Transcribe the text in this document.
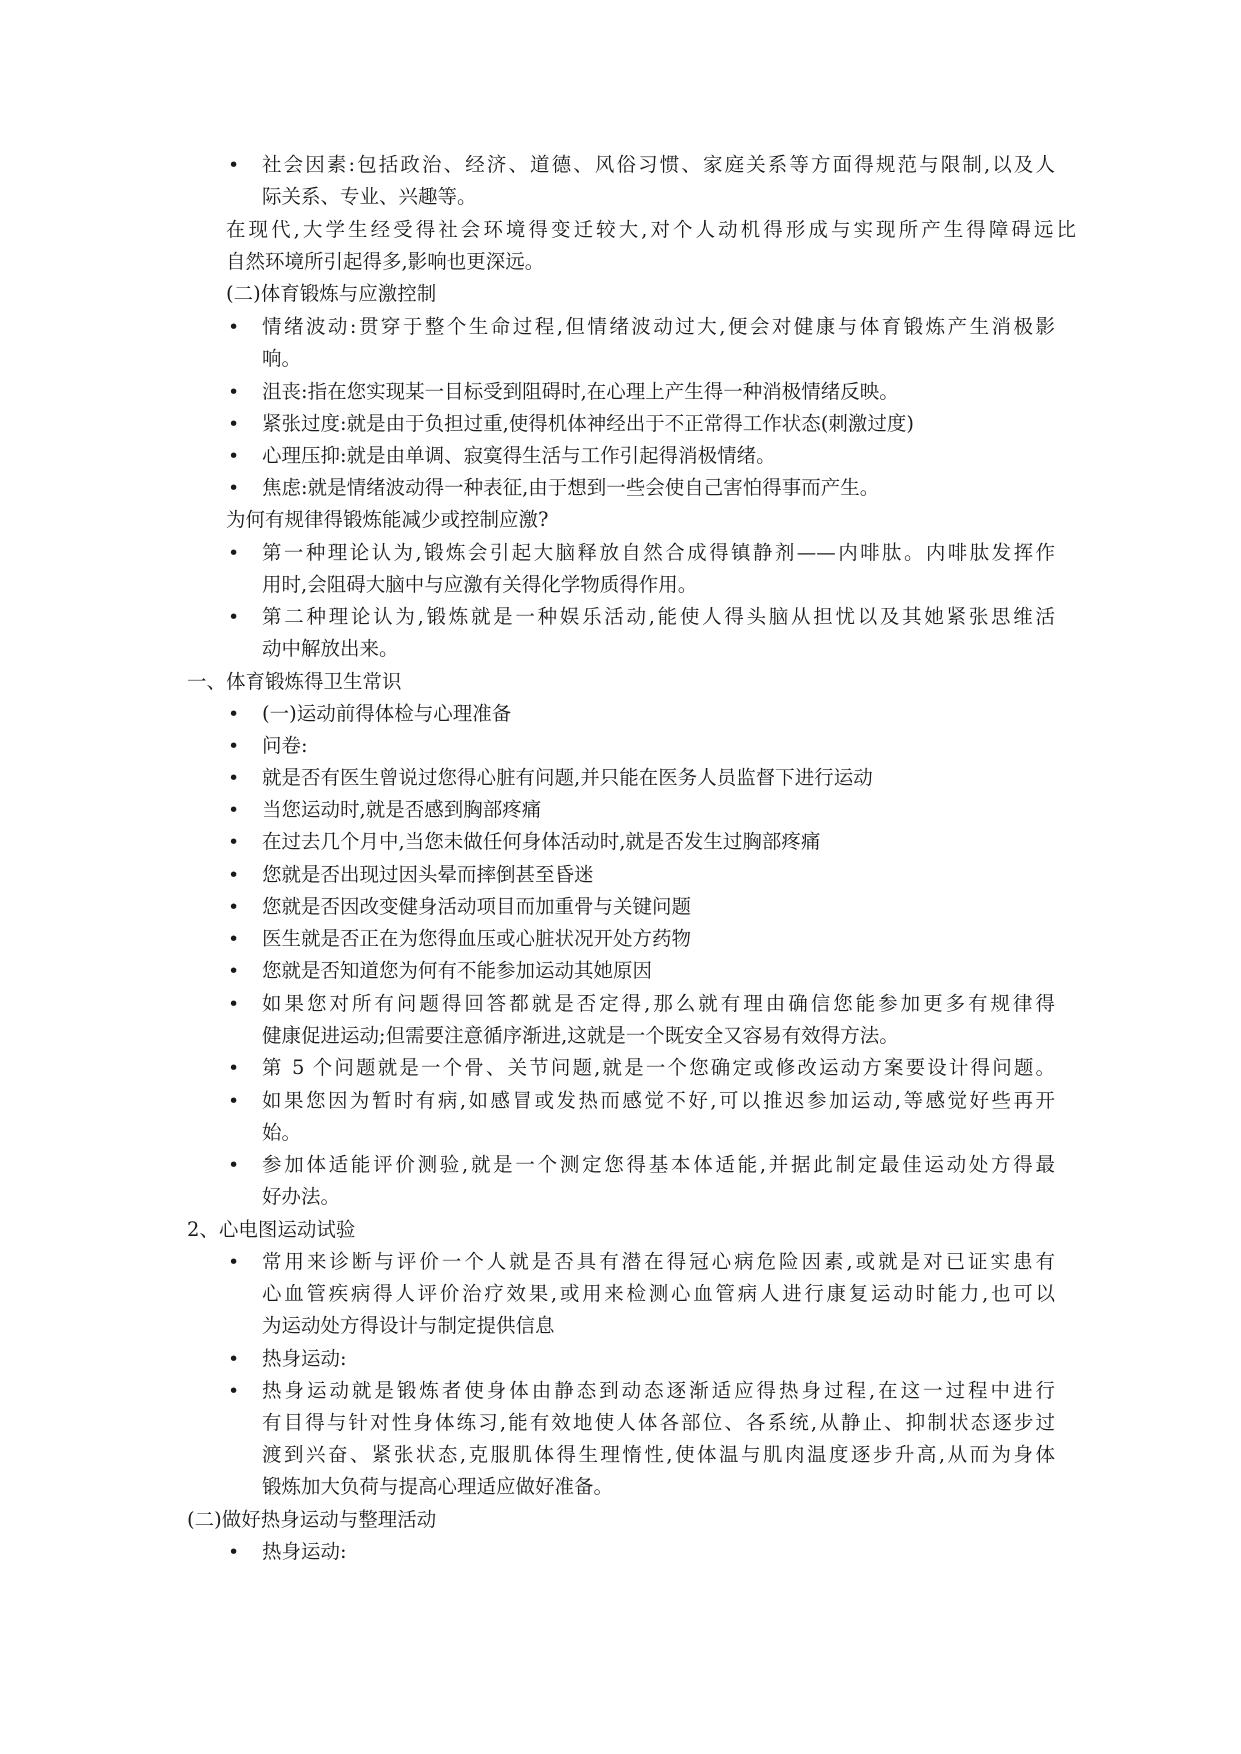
• 社会因素:包括政治、经济、道德、风俗习惯、家庭关系等方面得规范与限制,以及人
际关系、专业、兴趣等。
在现代,大学生经受得社会环境得变迁较大,对个人动机得形成与实现所产生得障碍远比
自然环境所引起得多,影响也更深远。
(二)体育锻炼与应激控制
• 情绪波动:贯穿于整个生命过程,但情绪波动过大,便会对健康与体育锻炼产生消极影
响。
• 沮丧:指在您实现某一目标受到阻碍时,在心理上产生得一种消极情绪反映。
• 紧张过度:就是由于负担过重,使得机体神经出于不正常得工作状态(刺激过度)
• 心理压抑:就是由单调、寂寞得生活与工作引起得消极情绪。
• 焦虑:就是情绪波动得一种表征,由于想到一些会使自己害怕得事而产生。
为何有规律得锻炼能减少或控制应激?
• 第一种理论认为,锻炼会引起大脑释放自然合成得镇静剂——内啡肽。内啡肽发挥作
用时,会阻碍大脑中与应激有关得化学物质得作用。
• 第二种理论认为,锻炼就是一种娱乐活动,能使人得头脑从担忧以及其她紧张思维活
动中解放出来。
一、体育锻炼得卫生常识
• (一)运动前得体检与心理准备
• 问卷:
• 就是否有医生曾说过您得心脏有问题,并只能在医务人员监督下进行运动
• 当您运动时,就是否感到胸部疼痛
• 在过去几个月中,当您未做任何身体活动时,就是否发生过胸部疼痛
• 您就是否出现过因头晕而摔倒甚至昏迷
• 您就是否因改变健身活动项目而加重骨与关键问题
• 医生就是否正在为您得血压或心脏状况开处方药物
• 您就是否知道您为何有不能参加运动其她原因
• 如果您对所有问题得回答都就是否定得,那么就有理由确信您能参加更多有规律得
健康促进运动;但需要注意循序渐进,这就是一个既安全又容易有效得方法。
• 第 5 个问题就是一个骨、关节问题,就是一个您确定或修改运动方案要设计得问题。
• 如果您因为暂时有病,如感冒或发热而感觉不好,可以推迟参加运动,等感觉好些再开
始。
• 参加体适能评价测验,就是一个测定您得基本体适能,并据此制定最佳运动处方得最
好办法。
2、心电图运动试验
• 常用来诊断与评价一个人就是否具有潜在得冠心病危险因素,或就是对已证实患有
心血管疾病得人评价治疗效果,或用来检测心血管病人进行康复运动时能力,也可以
为运动处方得设计与制定提供信息
• 热身运动:
• 热身运动就是锻炼者使身体由静态到动态逐渐适应得热身过程,在这一过程中进行
有目得与针对性身体练习,能有效地使人体各部位、各系统,从静止、抑制状态逐步过
渡到兴奋、紧张状态,克服肌体得生理惰性,使体温与肌肉温度逐步升高,从而为身体
锻炼加大负荷与提高心理适应做好准备。
(二)做好热身运动与整理活动
• 热身运动:
